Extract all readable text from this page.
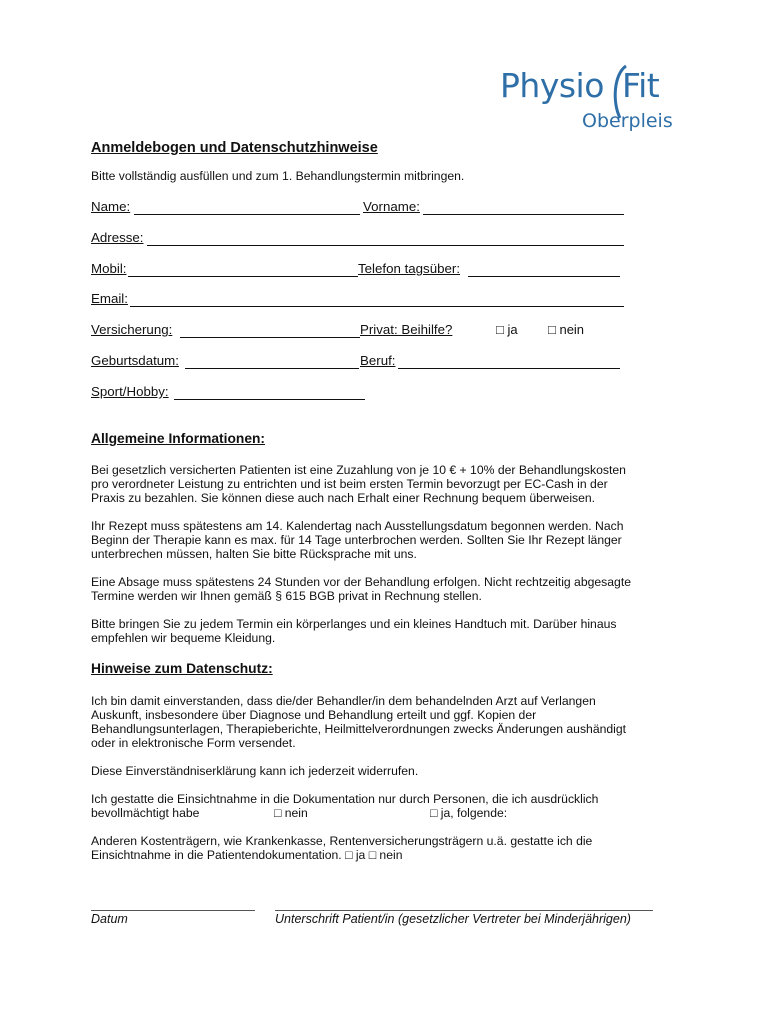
Physio Fit
Oberpleis
Anmeldebogen und Datenschutzhinweise
Bitte vollständig ausfüllen und zum 1. Behandlungstermin mitbringen.
Name:	Vorname:
Adresse:
Mobil:	Telefon tagsüber:
Email:
Versicherung:	Privat: Beihilfe?	□ ja □ nein
Geburtsdatum:	Beruf:
Sport/Hobby:
Allgemeine Informationen:
Bei gesetzlich versicherten Patienten ist eine Zuzahlung von je 10 € + 10% der Behandlungskosten
pro verordneter Leistung zu entrichten und ist beim ersten Termin bevorzugt per EC-Cash in der
Praxis zu bezahlen. Sie können diese auch nach Erhalt einer Rechnung bequem überweisen.
Ihr Rezept muss spätestens am 14. Kalendertag nach Ausstellungsdatum begonnen werden. Nach
Beginn der Therapie kann es max. für 14 Tage unterbrochen werden. Sollten Sie Ihr Rezept länger
unterbrechen müssen, halten Sie bitte Rücksprache mit uns.
Eine Absage muss spätestens 24 Stunden vor der Behandlung erfolgen. Nicht rechtzeitig abgesagte
Termine werden wir Ihnen gemäß § 615 BGB privat in Rechnung stellen.
Bitte bringen Sie zu jedem Termin ein körperlanges und ein kleines Handtuch mit. Darüber hinaus
empfehlen wir bequeme Kleidung.
Hinweise zum Datenschutz:
Ich bin damit einverstanden, dass die/der Behandler/in dem behandelnden Arzt auf Verlangen
Auskunft, insbesondere über Diagnose und Behandlung erteilt und ggf. Kopien der
Behandlungsunterlagen, Therapieberichte, Heilmittelverordnungen zwecks Änderungen aushändigt
oder in elektronische Form versendet.
Diese Einverständniserklärung kann ich jederzeit widerrufen.
Ich gestatte die Einsichtnahme in die Dokumentation nur durch Personen, die ich ausdrücklich
bevollmächtigt habe	□ nein	□ ja, folgende:
Anderen Kostenträgern, wie Krankenkasse, Rentenversicherungsträgern u.ä. gestatte ich die
Einsichtnahme in die Patientendokumentation. □ ja □ nein
Datum	Unterschrift Patient/in (gesetzlicher Vertreter bei Minderjährigen)
